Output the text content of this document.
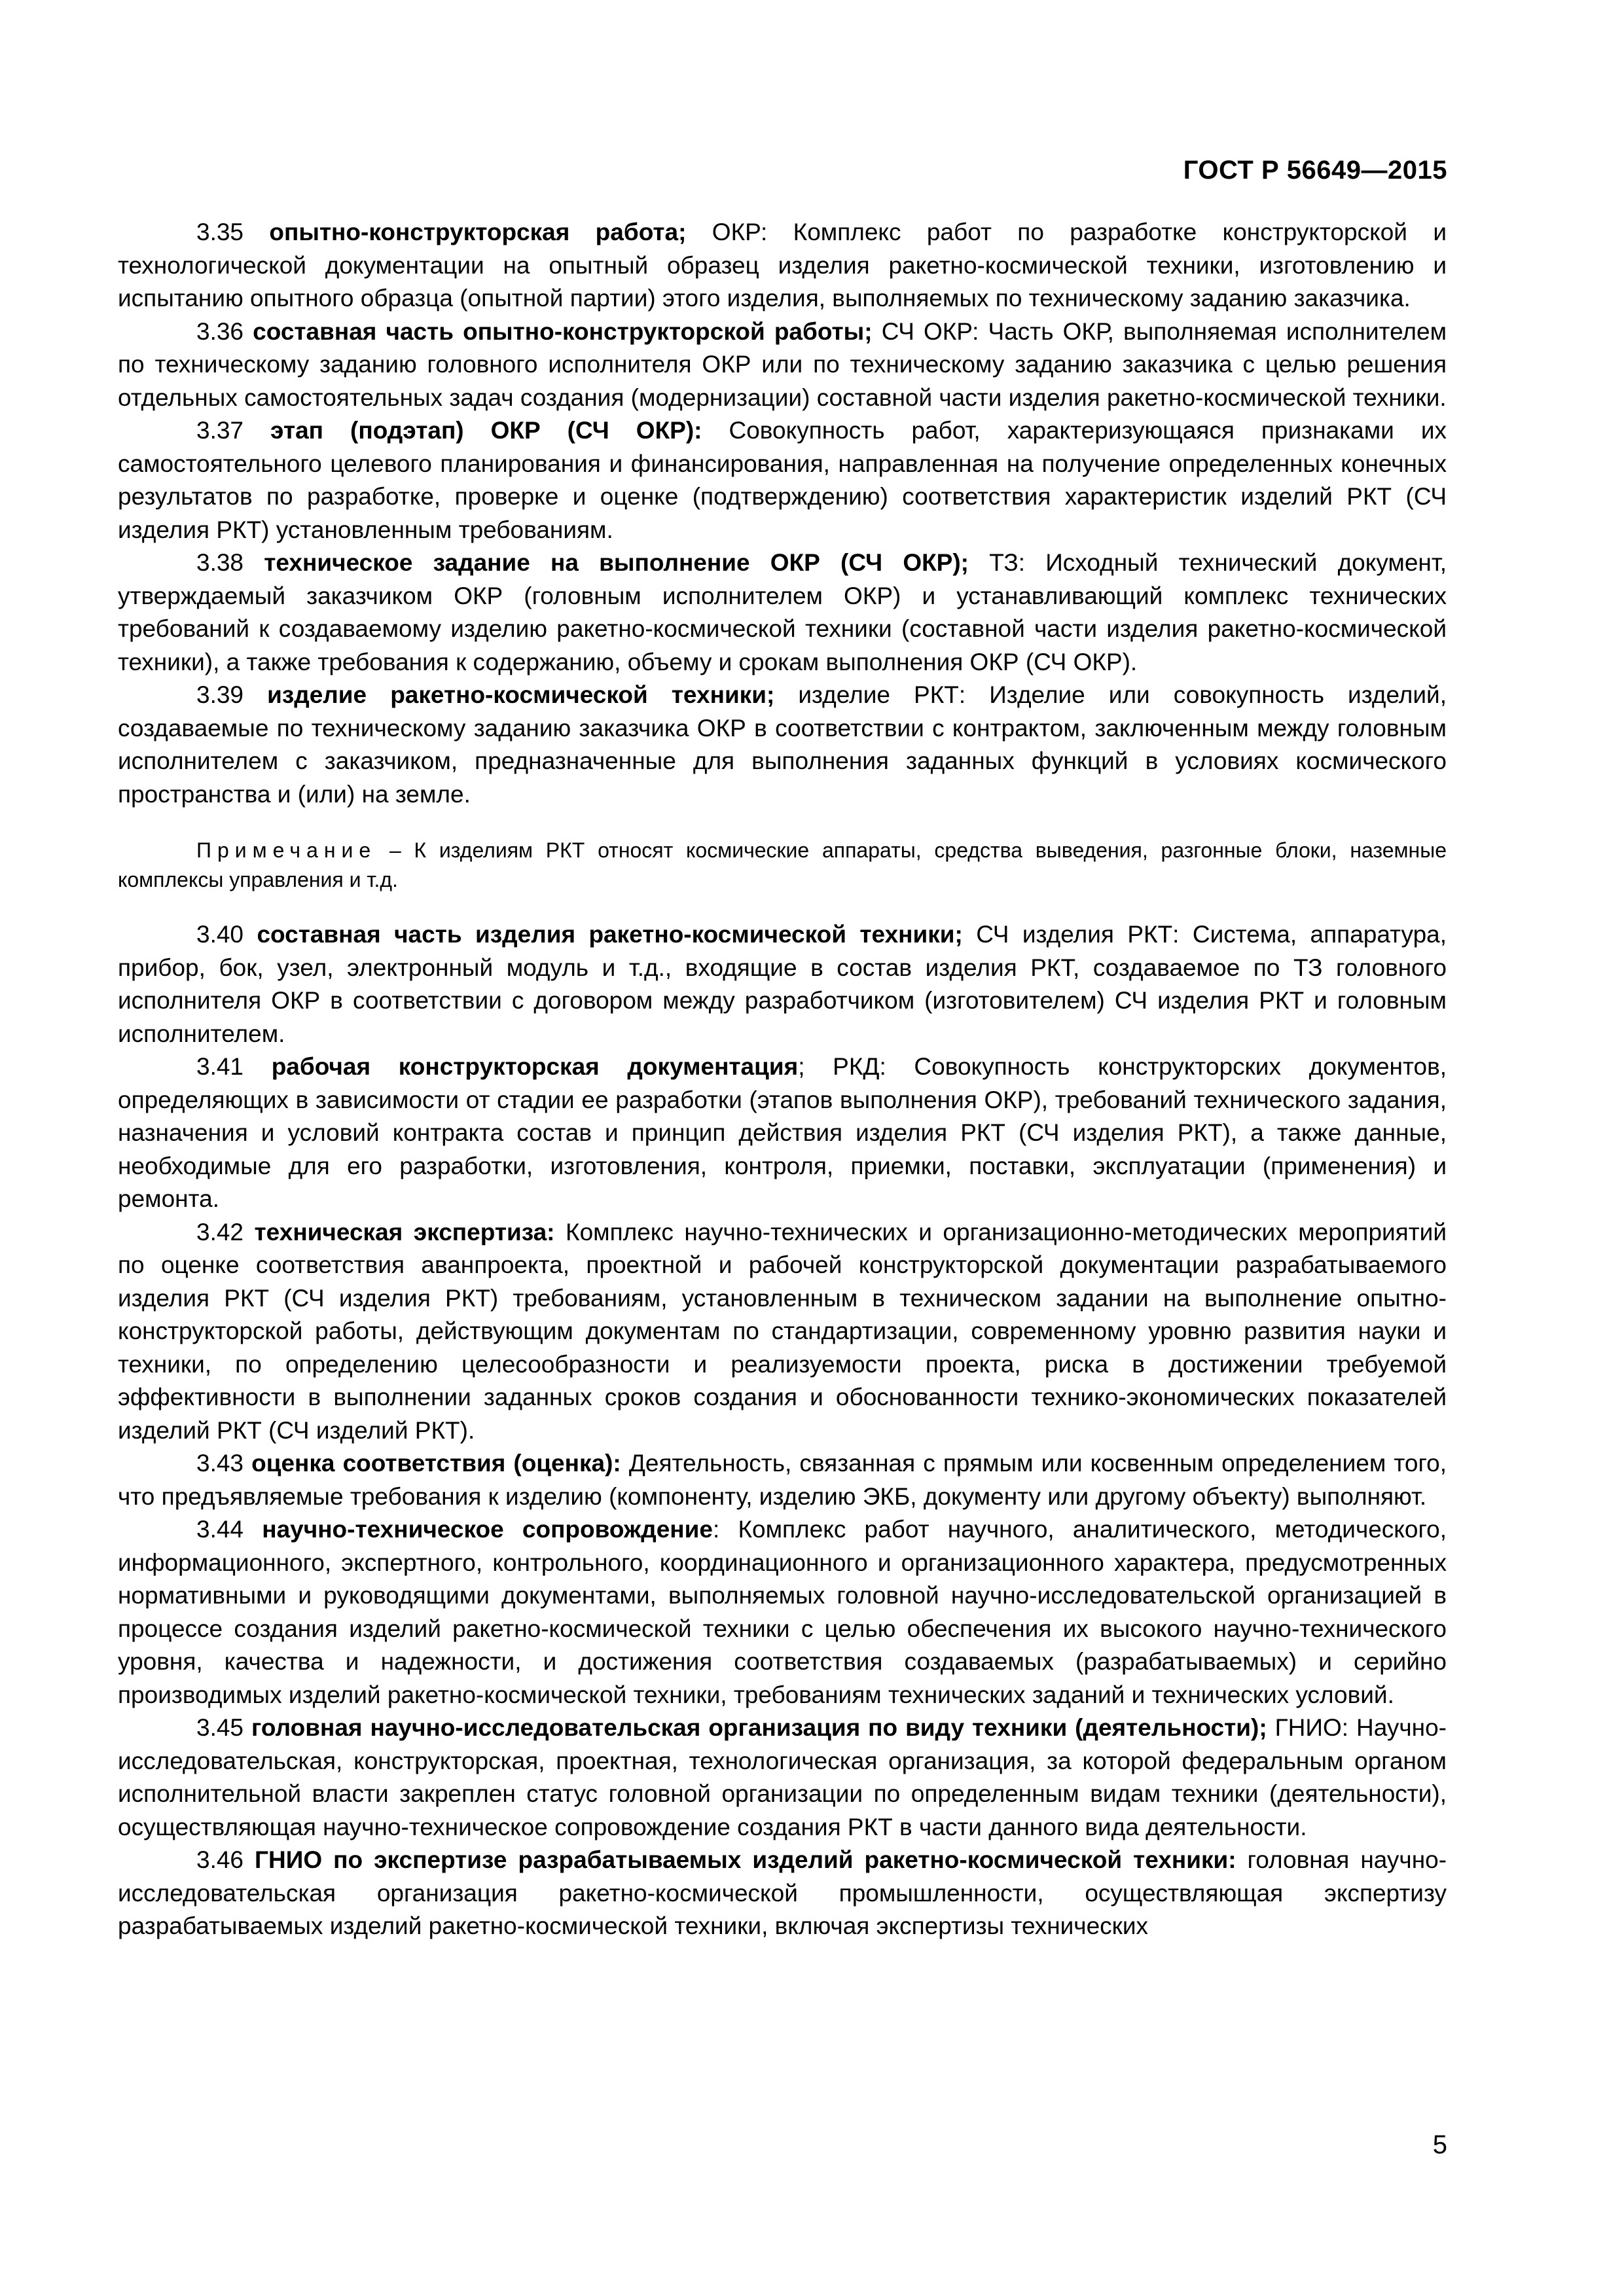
ГОСТ Р 56649—2015

3.35 опытно-конструкторская работа; ОКР: Комплекс работ по разработке конструкторской и технологической документации на опытный образец изделия ракетно-космической техники, изготовлению и испытанию опытного образца (опытной партии) этого изделия, выполняемых по техническому заданию заказчика.

3.36 составная часть опытно-конструкторской работы; СЧ ОКР: Часть ОКР, выполняемая исполнителем по техническому заданию головного исполнителя ОКР или по техническому заданию заказчика с целью решения отдельных самостоятельных задач создания (модернизации) составной части изделия ракетно-космической техники.

3.37 этап (подэтап) ОКР (СЧ ОКР): Совокупность работ, характеризующаяся признаками их самостоятельного целевого планирования и финансирования, направленная на получение определенных конечных результатов по разработке, проверке и оценке (подтверждению) соответствия характеристик изделий РКТ (СЧ изделия РКТ) установленным требованиям.

3.38 техническое задание на выполнение ОКР (СЧ ОКР); ТЗ: Исходный технический документ, утверждаемый заказчиком ОКР (головным исполнителем ОКР) и устанавливающий комплекс технических требований к создаваемому изделию ракетно-космической техники (составной части изделия ракетно-космической техники), а также требования к содержанию, объему и срокам выполнения ОКР (СЧ ОКР).

3.39 изделие ракетно-космической техники; изделие РКТ: Изделие или совокупность изделий, создаваемые по техническому заданию заказчика ОКР в соответствии с контрактом, заключенным между головным исполнителем с заказчиком, предназначенные для выполнения заданных функций в условиях космического пространства и (или) на земле.

Примечание – К изделиям РКТ относят космические аппараты, средства выведения, разгонные блоки, наземные комплексы управления и т.д.

3.40 составная часть изделия ракетно-космической техники; СЧ изделия РКТ: Система, аппаратура, прибор, бок, узел, электронный модуль и т.д., входящие в состав изделия РКТ, создаваемое по ТЗ головного исполнителя ОКР в соответствии с договором между разработчиком (изготовителем) СЧ изделия РКТ и головным исполнителем.

3.41 рабочая конструкторская документация; РКД: Совокупность конструкторских документов, определяющих в зависимости от стадии ее разработки (этапов выполнения ОКР), требований технического задания, назначения и условий контракта состав и принцип действия изделия РКТ (СЧ изделия РКТ), а также данные, необходимые для его разработки, изготовления, контроля, приемки, поставки, эксплуатации (применения) и ремонта.

3.42 техническая экспертиза: Комплекс научно-технических и организационно-методических мероприятий по оценке соответствия аванпроекта, проектной и рабочей конструкторской документации разрабатываемого изделия РКТ (СЧ изделия РКТ) требованиям, установленным в техническом задании на выполнение опытно-конструкторской работы, действующим документам по стандартизации, современному уровню развития науки и техники, по определению целесообразности и реализуемости проекта, риска в достижении требуемой эффективности в выполнении заданных сроков создания и обоснованности технико-экономических показателей изделий РКТ (СЧ изделий РКТ).

3.43 оценка соответствия (оценка): Деятельность, связанная с прямым или косвенным определением того, что предъявляемые требования к изделию (компоненту, изделию ЭКБ, документу или другому объекту) выполняют.

3.44 научно-техническое сопровождение: Комплекс работ научного, аналитического, методического, информационного, экспертного, контрольного, координационного и организационного характера, предусмотренных нормативными и руководящими документами, выполняемых головной научно-исследовательской организацией в процессе создания изделий ракетно-космической техники с целью обеспечения их высокого научно-технического уровня, качества и надежности, и достижения соответствия создаваемых (разрабатываемых) и серийно производимых изделий ракетно-космической техники, требованиям технических заданий и технических условий.

3.45 головная научно-исследовательская организация по виду техники (деятельности); ГНИО: Научно-исследовательская, конструкторская, проектная, технологическая организация, за которой федеральным органом исполнительной власти закреплен статус головной организации по определенным видам техники (деятельности), осуществляющая научно-техническое сопровождение создания РКТ в части данного вида деятельности.

3.46 ГНИО по экспертизе разрабатываемых изделий ракетно-космической техники: головная научно-исследовательская организация ракетно-космической промышленности, осуществляющая экспертизу разрабатываемых изделий ракетно-космической техники, включая экспертизы технических

5
